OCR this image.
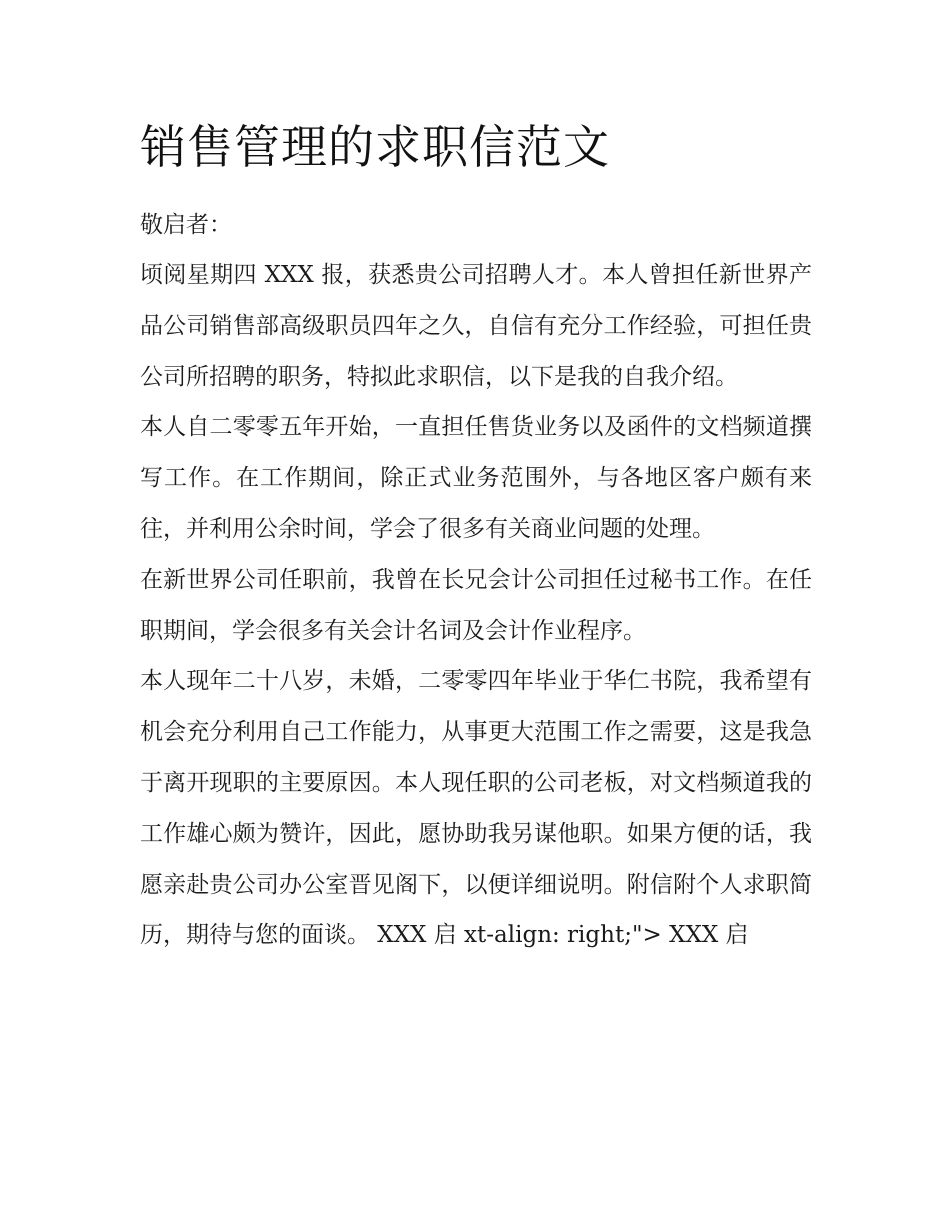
销售管理的求职信范文

敬启者：

顷阅星期四 XXX 报，获悉贵公司招聘人才。本人曾担任新世界产品公司销售部高级职员四年之久，自信有充分工作经验，可担任贵公司所招聘的职务，特拟此求职信，以下是我的自我介绍。

本人自二零零五年开始，一直担任售货业务以及函件的文档频道撰写工作。在工作期间，除正式业务范围外，与各地区客户颇有来往，并利用公余时间，学会了很多有关商业问题的处理。

在新世界公司任职前，我曾在长兄会计公司担任过秘书工作。在任职期间，学会很多有关会计名词及会计作业程序。

本人现年二十八岁，未婚，二零零四年毕业于华仁书院，我希望有机会充分利用自己工作能力，从事更大范围工作之需要，这是我急于离开现职的主要原因。本人现任职的公司老板，对文档频道我的工作雄心颇为赞许，因此，愿协助我另谋他职。如果方便的话，我愿亲赴贵公司办公室晋见阁下，以便详细说明。附信附个人求职简历，期待与您的面谈。 XXX 启 xt-align: right;"> XXX 启
